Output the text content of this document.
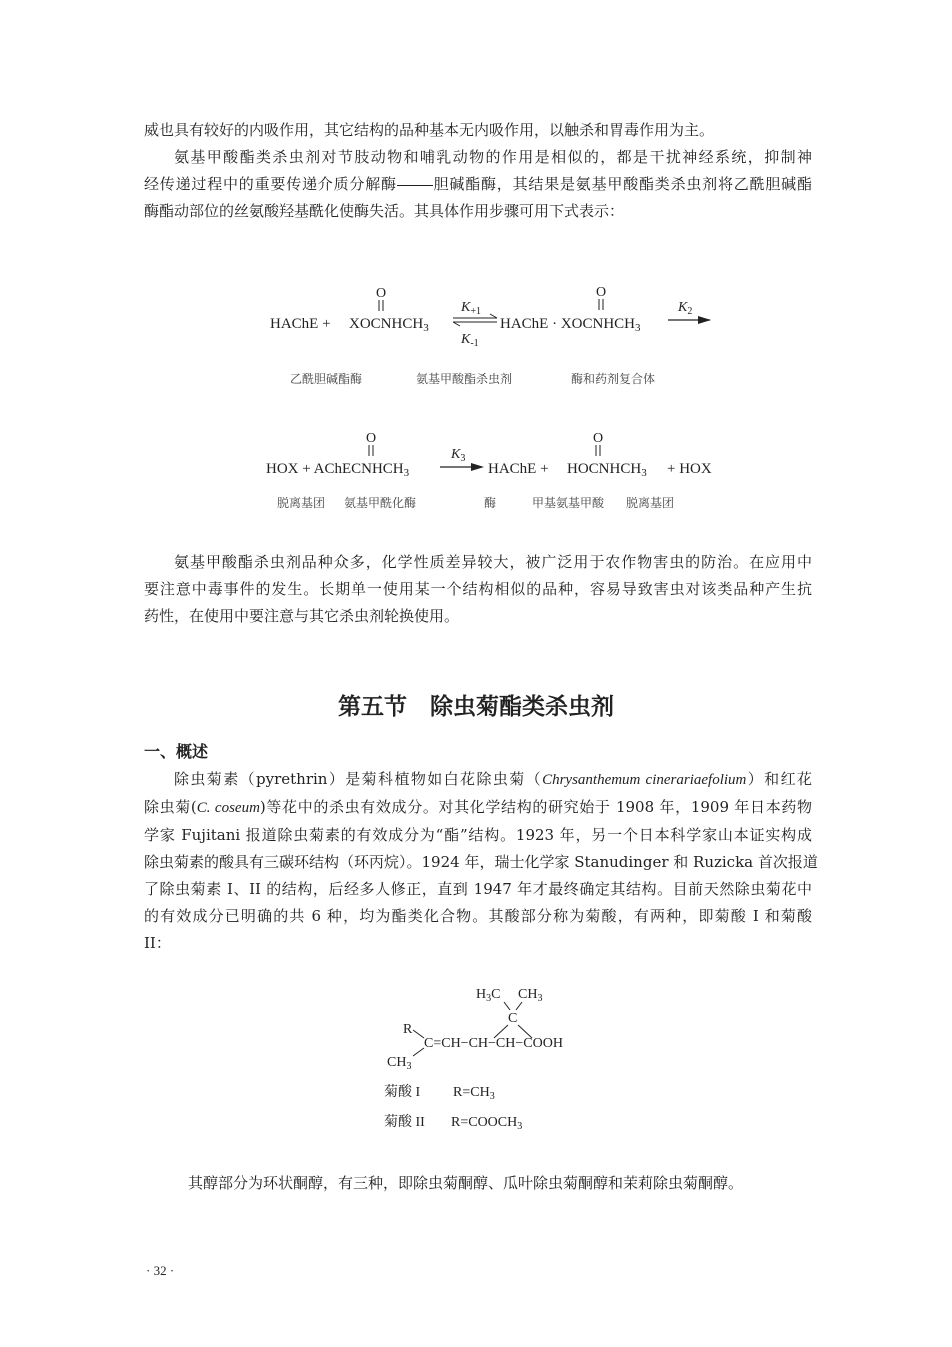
威也具有较好的内吸作用，其它结构的品种基本无内吸作用，以触杀和胃毒作用为主。
氨基甲酸酯类杀虫剂对节肢动物和哺乳动物的作用是相似的，都是干扰神经系统，抑制神
经传递过程中的重要传递介质分解酶 胆碱酯酶，其结果是氨基甲酸酯类杀虫剂将乙酰胆碱酯
酶酯动部位的丝氨酸羟基酰化使酶失活。其具体作用步骤可用下式表示：
O
HAChE + $XOCNHCH_3$
$K_{+1}$
$K_{-1}$
O
HAChE · $XOCNHCH_3$
$K_2$
乙酰胆碱酯酶	氨基甲酸酯杀虫剂	酶和药剂复合体
O
HOX + AChECNHCH$_3$
$K_3$
HAChE +
O
$HOCNHCH_3$ + HOX
脱离基团 氨基甲酰化酶	酶	甲基氨基甲酸 脱离基团
$H_3C$ $CH_3$
C
R
C=CH−CH−CH−COOH
$CH_3$
菊酸 I $R=CH_3$
菊酸 II $R=COOCH_3$
氨基甲酸酯杀虫剂品种众多，化学性质差异较大，被广泛用于农作物害虫的防治。在应用中
要注意中毒事件的发生。长期单一使用某一个结构相似的品种，容易导致害虫对该类品种产生抗
药性，在使用中要注意与其它杀虫剂轮换使用。
第五节　除虫菊酯类杀虫剂
一、概述
除虫菊素（pyrethrin）是菊科植物如白花除虫菊（Chrysanthemum cinerariaefolium）和红花
除虫菊(C. coseum)等花中的杀虫有效成分。对其化学结构的研究始于 1908 年，1909 年日本药物
学家 Fujitani 报道除虫菊素的有效成分为“酯”结构。1923 年，另一个日本科学家山本证实构成
除虫菊素的酸具有三碳环结构（环丙烷）。1924 年，瑞士化学家 Stanudinger 和 Ruzicka 首次报道
了除虫菊素 I、II 的结构，后经多人修正，直到 1947 年才最终确定其结构。目前天然除虫菊花中
的有效成分已明确的共 6 种，均为酯类化合物。其酸部分称为菊酸，有两种，即菊酸 I 和菊酸
II：
其醇部分为环状酮醇，有三种，即除虫菊酮醇、瓜叶除虫菊酮醇和茉莉除虫菊酮醇。
· 32 ·
